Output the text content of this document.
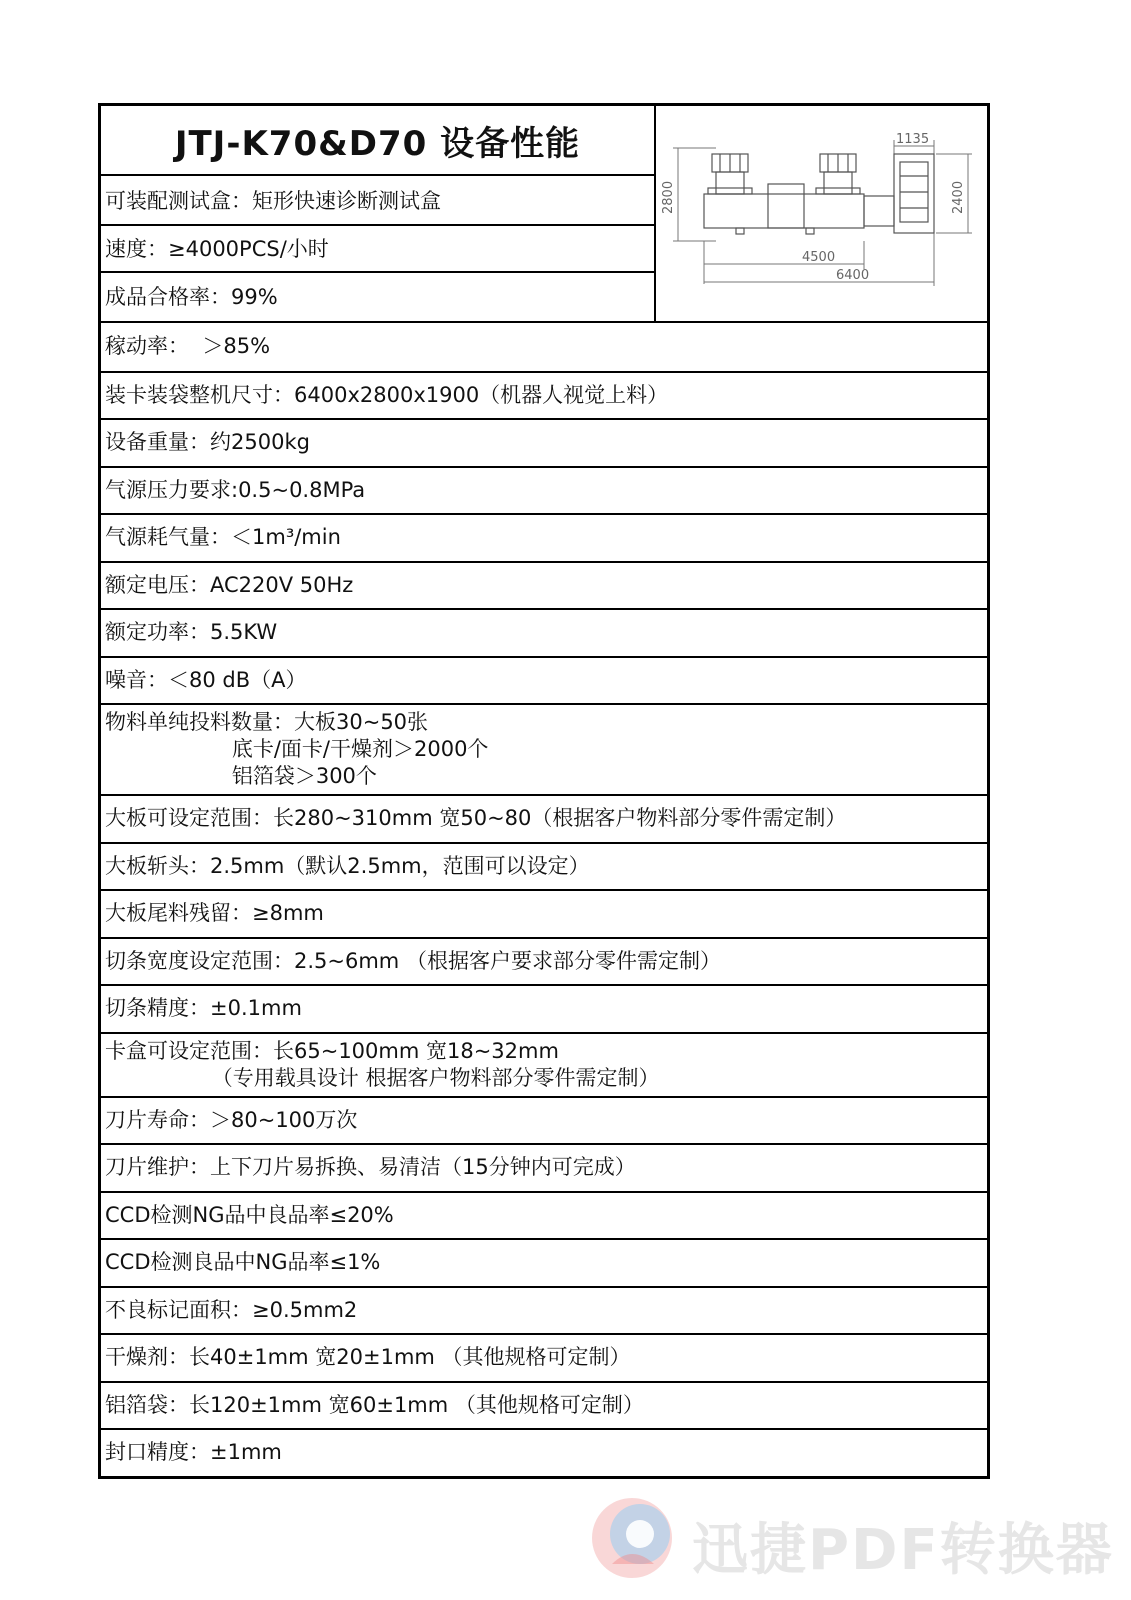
JTJ-K70&D70 设备性能
可装配测试盒：矩形快速诊断测试盒
速度：≥4000PCS/小时
成品合格率：99%
1135
4500
6400
2800	2400
稼动率：  ＞85%
装卡装袋整机尺寸：6400x2800x1900（机器人视觉上料）
设备重量：约2500kg
气源压力要求:0.5~0.8MPa
气源耗气量：＜1m³/min
额定电压：AC220V 50Hz
额定功率：5.5KW
噪音：＜80 dB（A）
物料单纯投料数量：大板30~50张
底卡/面卡/干燥剂＞2000个
铝箔袋＞300个
大板可设定范围：长280~310mm 宽50~80（根据客户物料部分零件需定制）
大板斩头：2.5mm（默认2.5mm，范围可以设定）
大板尾料残留：≥8mm
切条宽度设定范围：2.5~6mm （根据客户要求部分零件需定制）
切条精度：±0.1mm
卡盒可设定范围：长65~100mm 宽18~32mm
（专用载具设计 根据客户物料部分零件需定制）
刀片寿命：＞80~100万次
刀片维护：上下刀片易拆换、易清洁（15分钟内可完成）
CCD检测NG品中良品率≤20%
CCD检测良品中NG品率≤1%
不良标记面积：≥0.5mm2
干燥剂：长40±1mm 宽20±1mm （其他规格可定制）
铝箔袋：长120±1mm 宽60±1mm （其他规格可定制）
封口精度：±1mm
迅捷PDF转换器
